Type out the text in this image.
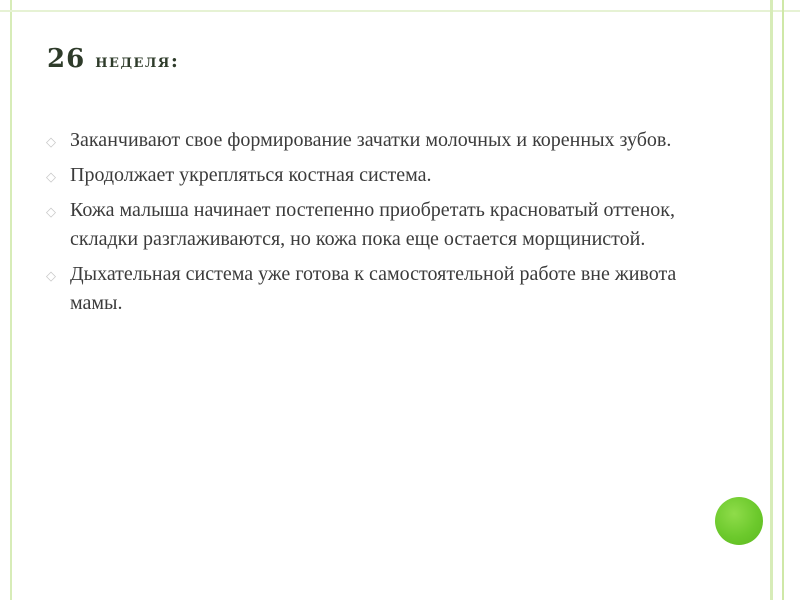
26 неделя:
◇ Заканчивают свое формирование зачатки молочных и коренных зубов.
◇ Продолжает укрепляться костная система.
◇ Кожа малыша начинает постепенно приобретать красноватый оттенок, складки разглаживаются, но кожа пока еще остается морщинистой.
◇ Дыхательная система уже готова к самостоятельной работе вне живота мамы.
